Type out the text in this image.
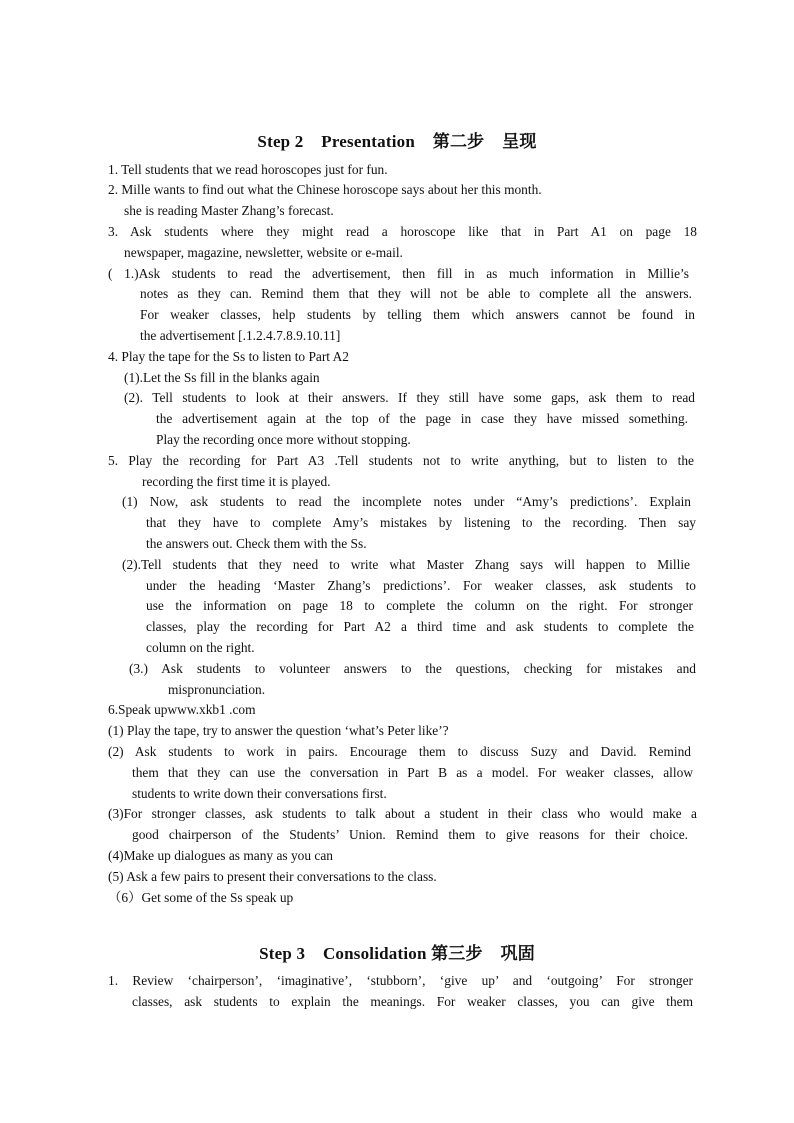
Step 2    Presentation    第二步    呈现
1. Tell students that we read horoscopes just for fun.
2. Mille wants to find out what the Chinese horoscope says about her this month.
she is reading Master Zhang’s forecast.
3. Ask students where they might read a horoscope like that in Part A1 on page 18
newspaper, magazine, newsletter, website or e-mail.
( 1.)Ask students to read the advertisement, then fill in as much information in Millie’s
notes as they can. Remind them that they will not be able to complete all the answers.
For weaker classes, help students by telling them which answers cannot be found in
the advertisement [.1.2.4.7.8.9.10.11]
4. Play the tape for the Ss to listen to Part A2
(1).Let the Ss fill in the blanks again
(2). Tell students to look at their answers. If they still have some gaps, ask them to read
the advertisement again at the top of the page in case they have missed something.
Play the recording once more without stopping.
5. Play the recording for Part A3 .Tell students not to write anything, but to listen to the
recording the first time it is played.
(1) Now, ask students to read the incomplete notes under “Amy’s predictions’. Explain
that they have to complete Amy’s mistakes by listening to the recording. Then say
the answers out. Check them with the Ss.
(2).Tell students that they need to write what Master Zhang says will happen to Millie
under the heading ‘Master Zhang’s predictions’. For weaker classes, ask students to
use the information on page 18 to complete the column on the right. For stronger
classes, play the recording for Part A2 a third time and ask students to complete the
column on the right.
(3.) Ask students to volunteer answers to the questions, checking for mistakes and
mispronunciation.
6.Speak upwww.xkb1 .com
(1) Play the tape, try to answer the question ‘what’s Peter like’?
(2) Ask students to work in pairs. Encourage them to discuss Suzy and David. Remind
them that they can use the conversation in Part B as a model. For weaker classes, allow
students to write down their conversations first.
(3)For stronger classes, ask students to talk about a student in their class who would make a
good chairperson of the Students’ Union. Remind them to give reasons for their choice.
(4)Make up dialogues as many as you can
(5) Ask a few pairs to present their conversations to the class.
（6）Get some of the Ss speak up
Step 3    Consolidation 第三步    巩固
1. Review ‘chairperson’, ‘imaginative’, ‘stubborn’, ‘give up’ and ‘outgoing’ For stronger
classes, ask students to explain the meanings. For weaker classes, you can give them
